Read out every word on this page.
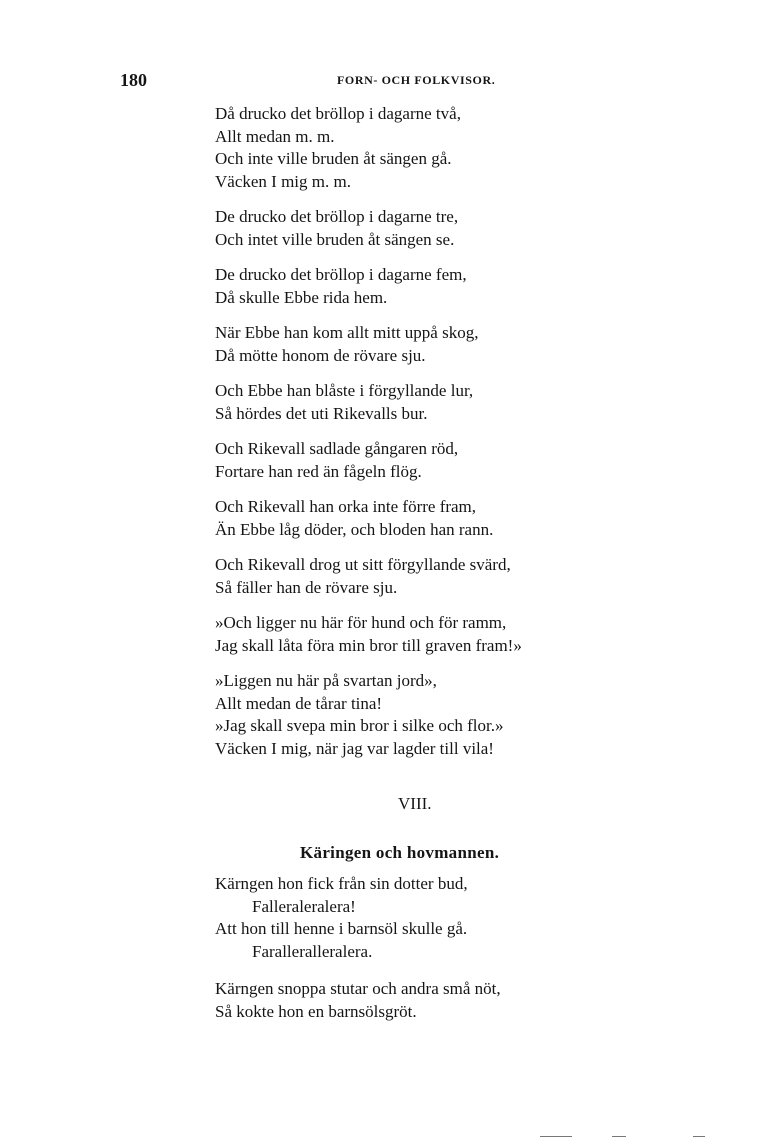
180	FORN- OCH FOLKVISOR.
Då drucko det bröllop i dagarne två,
Allt medan m. m.
Och inte ville bruden åt sängen gå.
Väcken I mig m. m.
De drucko det bröllop i dagarne tre,
Och intet ville bruden åt sängen se.
De drucko det bröllop i dagarne fem,
Då skulle Ebbe rida hem.
När Ebbe han kom allt mitt uppå skog,
Då mötte honom de rövare sju.
Och Ebbe han blåste i förgyllande lur,
Så hördes det uti Rikevalls bur.
Och Rikevall sadlade gångaren röd,
Fortare han red än fågeln flög.
Och Rikevall han orka inte förre fram,
Än Ebbe låg döder, och bloden han rann.
Och Rikevall drog ut sitt förgyllande svärd,
Så fäller han de rövare sju.
»Och ligger nu här för hund och för ramm,
Jag skall låta föra min bror till graven fram!»
»Liggen nu här på svartan jord»,
Allt medan de tårar tina!
»Jag skall svepa min bror i silke och flor.»
Väcken I mig, när jag var lagder till vila!
VIII.
Käringen och hovmannen.
Kärngen hon fick från sin dotter bud,
Falleraleralera!
Att hon till henne i barnsöl skulle gå.
Faralleralleralera.
Kärngen snoppa stutar och andra små nöt,
Så kokte hon en barnsölsgröt.
